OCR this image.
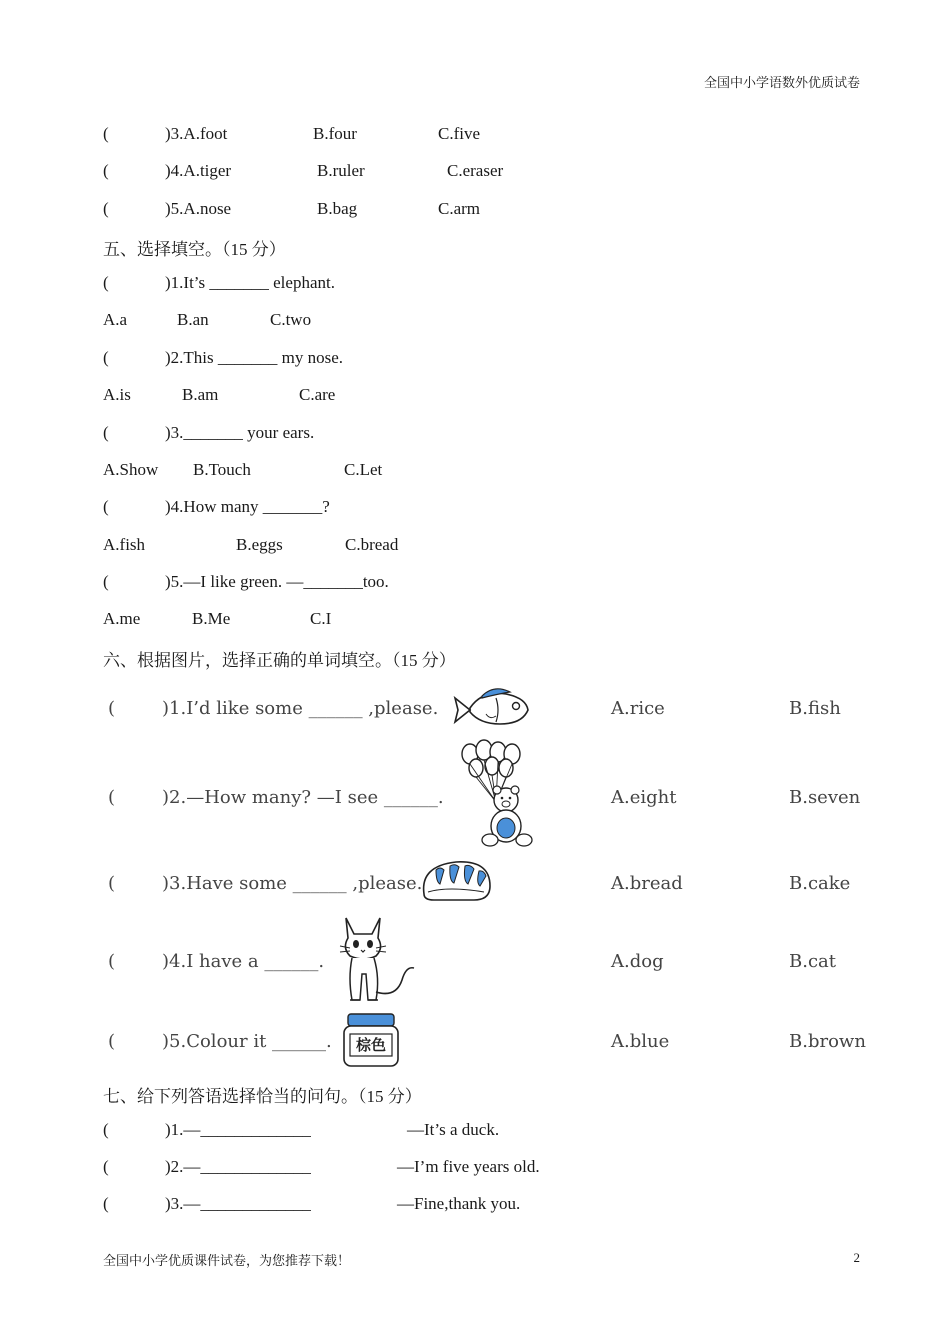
全国中小学语数外优质试卷
(	)3.A.foot	B.four	C.five
(	)4.A.tiger	B.ruler	C.eraser
(	)5.A.nose	B.bag	C.arm
五、选择填空。（15 分）
(	)1.It’s _______ elephant.
A.a	B.an	C.two
(	)2.This _______ my nose.
A.is	B.am	C.are
(	)3._______ your ears.
A.Show B.Touch	C.Let
(	)4.How many _______?
A.fish	B.eggs	C.bread
(	)5.—I like green. —_______too.
A.me	B.Me	C.I
六、根据图片，选择正确的单词填空。（15 分）
(	)1.I’d like some ______ ,please.	A.rice	B.fish
(	)2.—How many? —I see ______.	A.eight	B.seven
(	)3.Have some ______ ,please.	A.bread	B.cake
(	)4.I have a ______.	A.dog	B.cat
(	)5.Colour it ______.	棕色	A.blue	B.brown
七、给下列答语选择恰当的问句。（15 分）
(	)1.—_____________	—It’s a duck.
(	)2.—_____________	—I’m five years old.
(	)3.—_____________	—Fine,thank you.
全国中小学优质课件试卷，为您推荐下载！	2
